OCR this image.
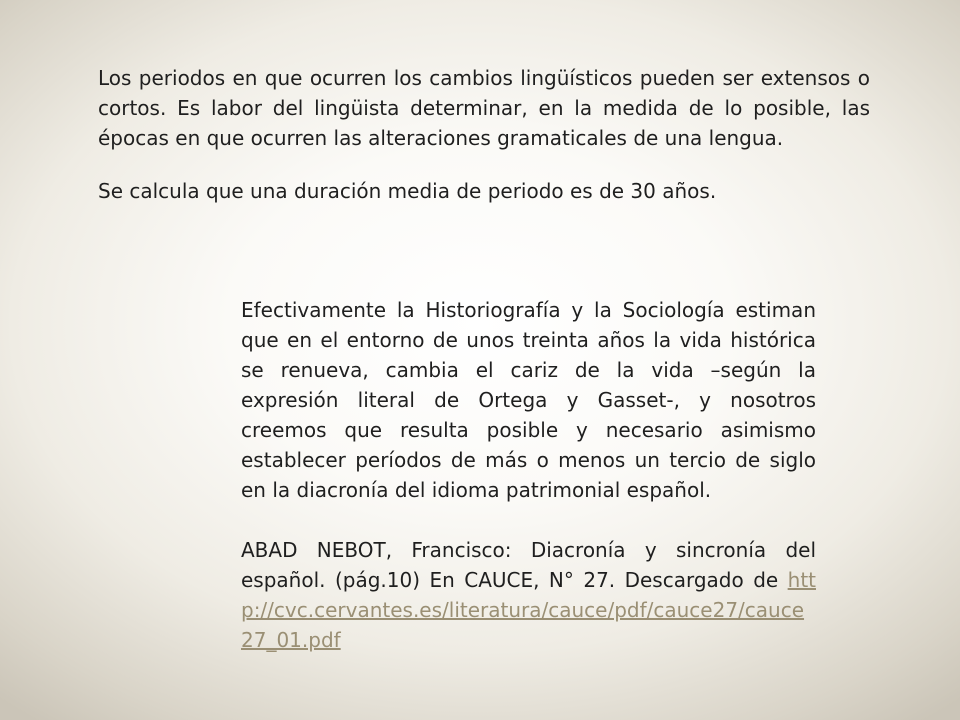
Los periodos en que ocurren los cambios lingüísticos pueden ser extensos o cortos. Es labor del lingüista determinar, en la medida de lo posible, las épocas en que ocurren las alteraciones gramaticales de una lengua.

Se calcula que una duración media de periodo es de 30 años.

Efectivamente la Historiografía y la Sociología estiman que en el entorno de unos treinta años la vida histórica se renueva, cambia el cariz de la vida –según la expresión literal de Ortega y Gasset-, y nosotros creemos que resulta posible y necesario asimismo establecer períodos de más o menos un tercio de siglo en la diacronía del idioma patrimonial español.

ABAD NEBOT, Francisco: Diacronía y sincronía del español. (pág.10) En CAUCE, N° 27. Descargado de http://cvc.cervantes.es/literatura/cauce/pdf/cauce27/cauce27_01.pdf
